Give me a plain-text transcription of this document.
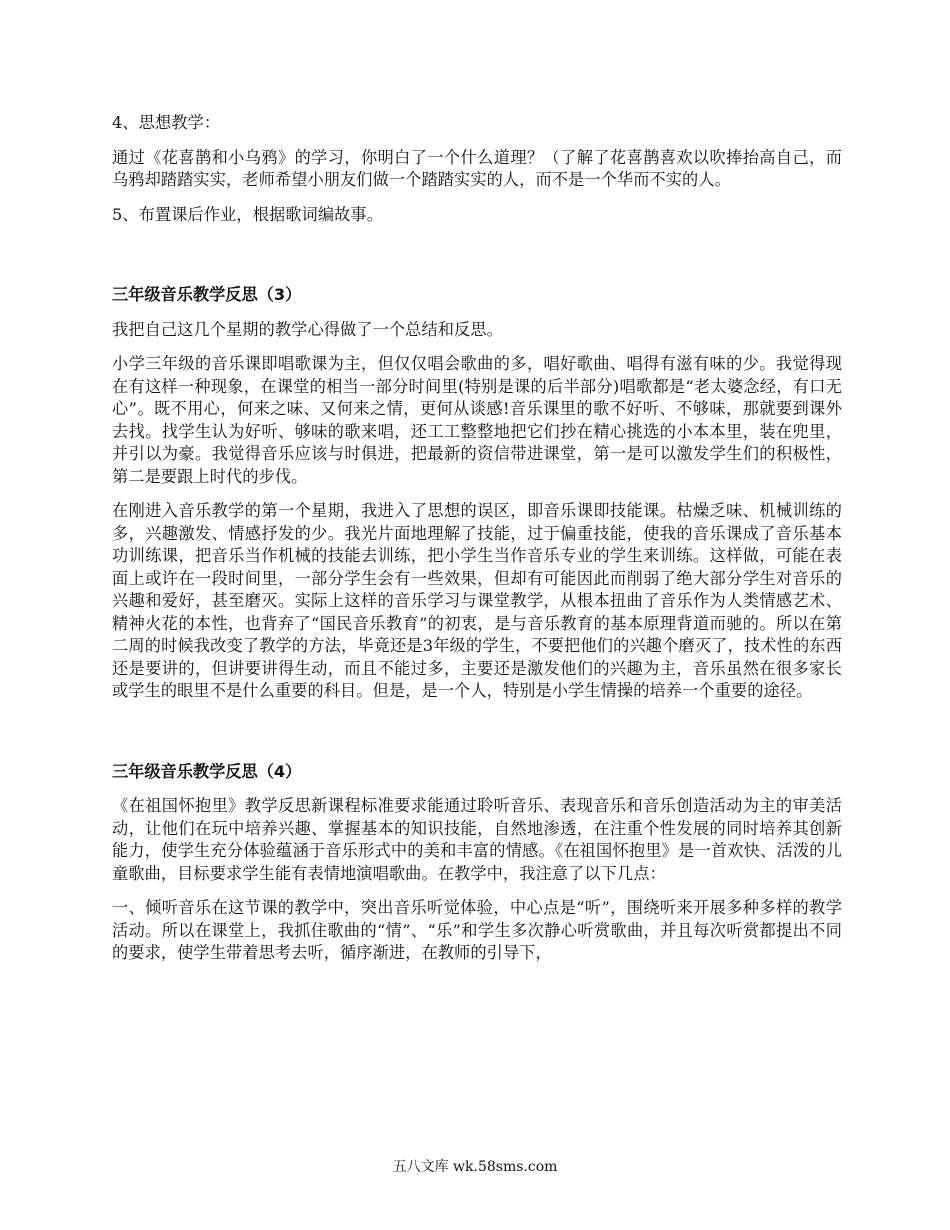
4、思想教学：

通过《花喜鹊和小乌鸦》的学习，你明白了一个什么道理？（了解了花喜鹊喜欢以吹捧抬高自己，而乌鸦却踏踏实实，老师希望小朋友们做一个踏踏实实的人，而不是一个华而不实的人。

5、布置课后作业，根据歌词编故事。

三年级音乐教学反思（3）

我把自己这几个星期的教学心得做了一个总结和反思。

小学三年级的音乐课即唱歌课为主，但仅仅唱会歌曲的多，唱好歌曲、唱得有滋有味的少。我觉得现在有这样一种现象，在课堂的相当一部分时间里(特别是课的后半部分)唱歌都是“老太婆念经，有口无心”。既不用心，何来之味、又何来之情，更何从谈感!音乐课里的歌不好听、不够味，那就要到课外去找。找学生认为好听、够味的歌来唱，还工工整整地把它们抄在精心挑选的小本本里，装在兜里，并引以为豪。我觉得音乐应该与时俱进，把最新的资信带进课堂，第一是可以激发学生们的积极性，第二是要跟上时代的步伐。

在刚进入音乐教学的第一个星期，我进入了思想的误区，即音乐课即技能课。枯燥乏味、机械训练的多，兴趣激发、情感抒发的少。我光片面地理解了技能，过于偏重技能，使我的音乐课成了音乐基本功训练课，把音乐当作机械的技能去训练，把小学生当作音乐专业的学生来训练。这样做，可能在表面上或许在一段时间里，一部分学生会有一些效果，但却有可能因此而削弱了绝大部分学生对音乐的兴趣和爱好，甚至磨灭。实际上这样的音乐学习与课堂教学，从根本扭曲了音乐作为人类情感艺术、精神火花的本性，也背弃了“国民音乐教育”的初衷，是与音乐教育的基本原理背道而驰的。所以在第二周的时候我改变了教学的方法，毕竟还是3年级的学生，不要把他们的兴趣个磨灭了，技术性的东西还是要讲的，但讲要讲得生动，而且不能过多，主要还是激发他们的兴趣为主，音乐虽然在很多家长或学生的眼里不是什么重要的科目。但是，是一个人，特别是小学生情操的培养一个重要的途径。

三年级音乐教学反思（4）

《在祖国怀抱里》教学反思新课程标准要求能通过聆听音乐、表现音乐和音乐创造活动为主的审美活动，让他们在玩中培养兴趣、掌握基本的知识技能，自然地渗透，在注重个性发展的同时培养其创新能力，使学生充分体验蕴涵于音乐形式中的美和丰富的情感。《在祖国怀抱里》是一首欢快、活泼的儿童歌曲，目标要求学生能有表情地演唱歌曲。在教学中，我注意了以下几点：

一、倾听音乐在这节课的教学中，突出音乐听觉体验，中心点是“听”，围绕听来开展多种多样的教学活动。所以在课堂上，我抓住歌曲的“情”、“乐”和学生多次静心听赏歌曲，并且每次听赏都提出不同的要求，使学生带着思考去听，循序渐进，在教师的引导下，

五八文库 wk.58sms.com
